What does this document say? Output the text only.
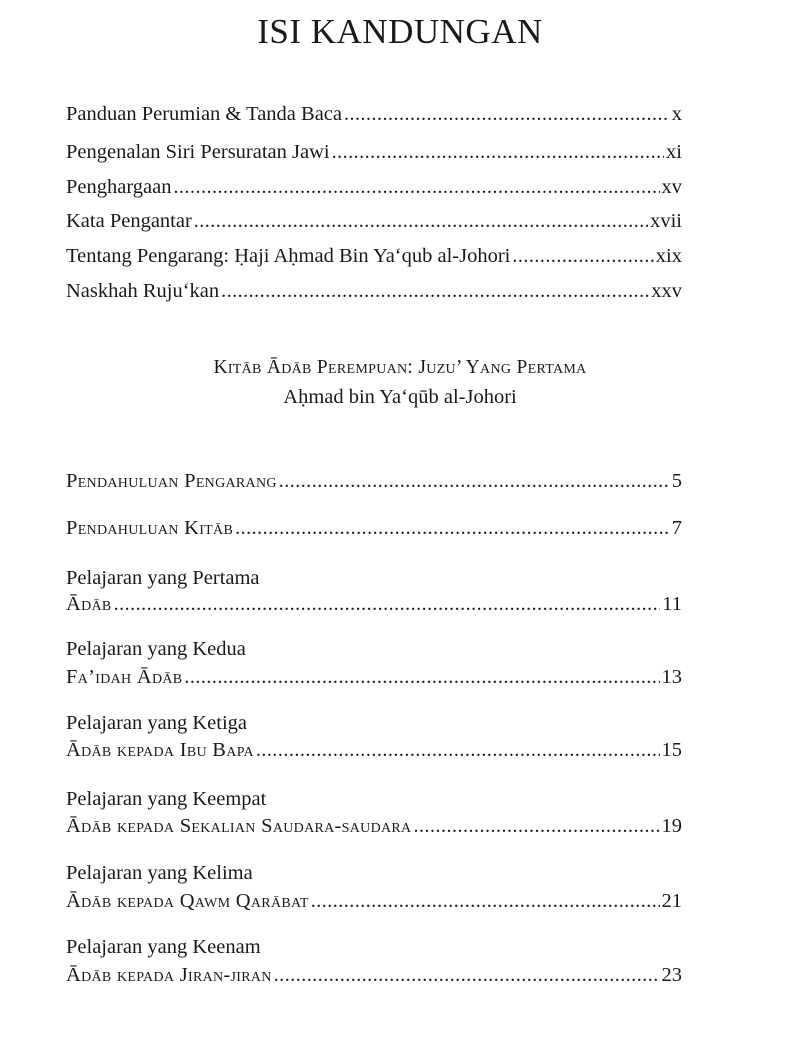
ISI KANDUNGAN
Panduan Perumian & Tanda Baca .....	x
Pengenalan Siri Persuratan Jawi .....	xi
Penghargaan .....	xv
Kata Pengantar .....	xvii
Tentang Pengarang: Ḥaji Aḥmad Bin Ya‘qub al-Johori .....	xix
Naskhah Ruju‘kan .....	xxv
Kitāb Ādāb Perempuan: Juzu’ Yang Pertama
Aḥmad bin Ya‘qūb al-Johori
Pendahuluan Pengarang .....	5
Pendahuluan Kitāb .....	7
Pelajaran yang Pertama
Ādāb .....	11
Pelajaran yang Kedua
Fa’idah Ādāb .....	13
Pelajaran yang Ketiga
Ādāb kepada Ibu Bapa .....	15
Pelajaran yang Keempat
Ādāb kepada Sekalian Saudara-saudara .....	19
Pelajaran yang Kelima
Ādāb kepada Qawm Qarābat .....	21
Pelajaran yang Keenam
Ādāb kepada Jiran-jiran .....	23
